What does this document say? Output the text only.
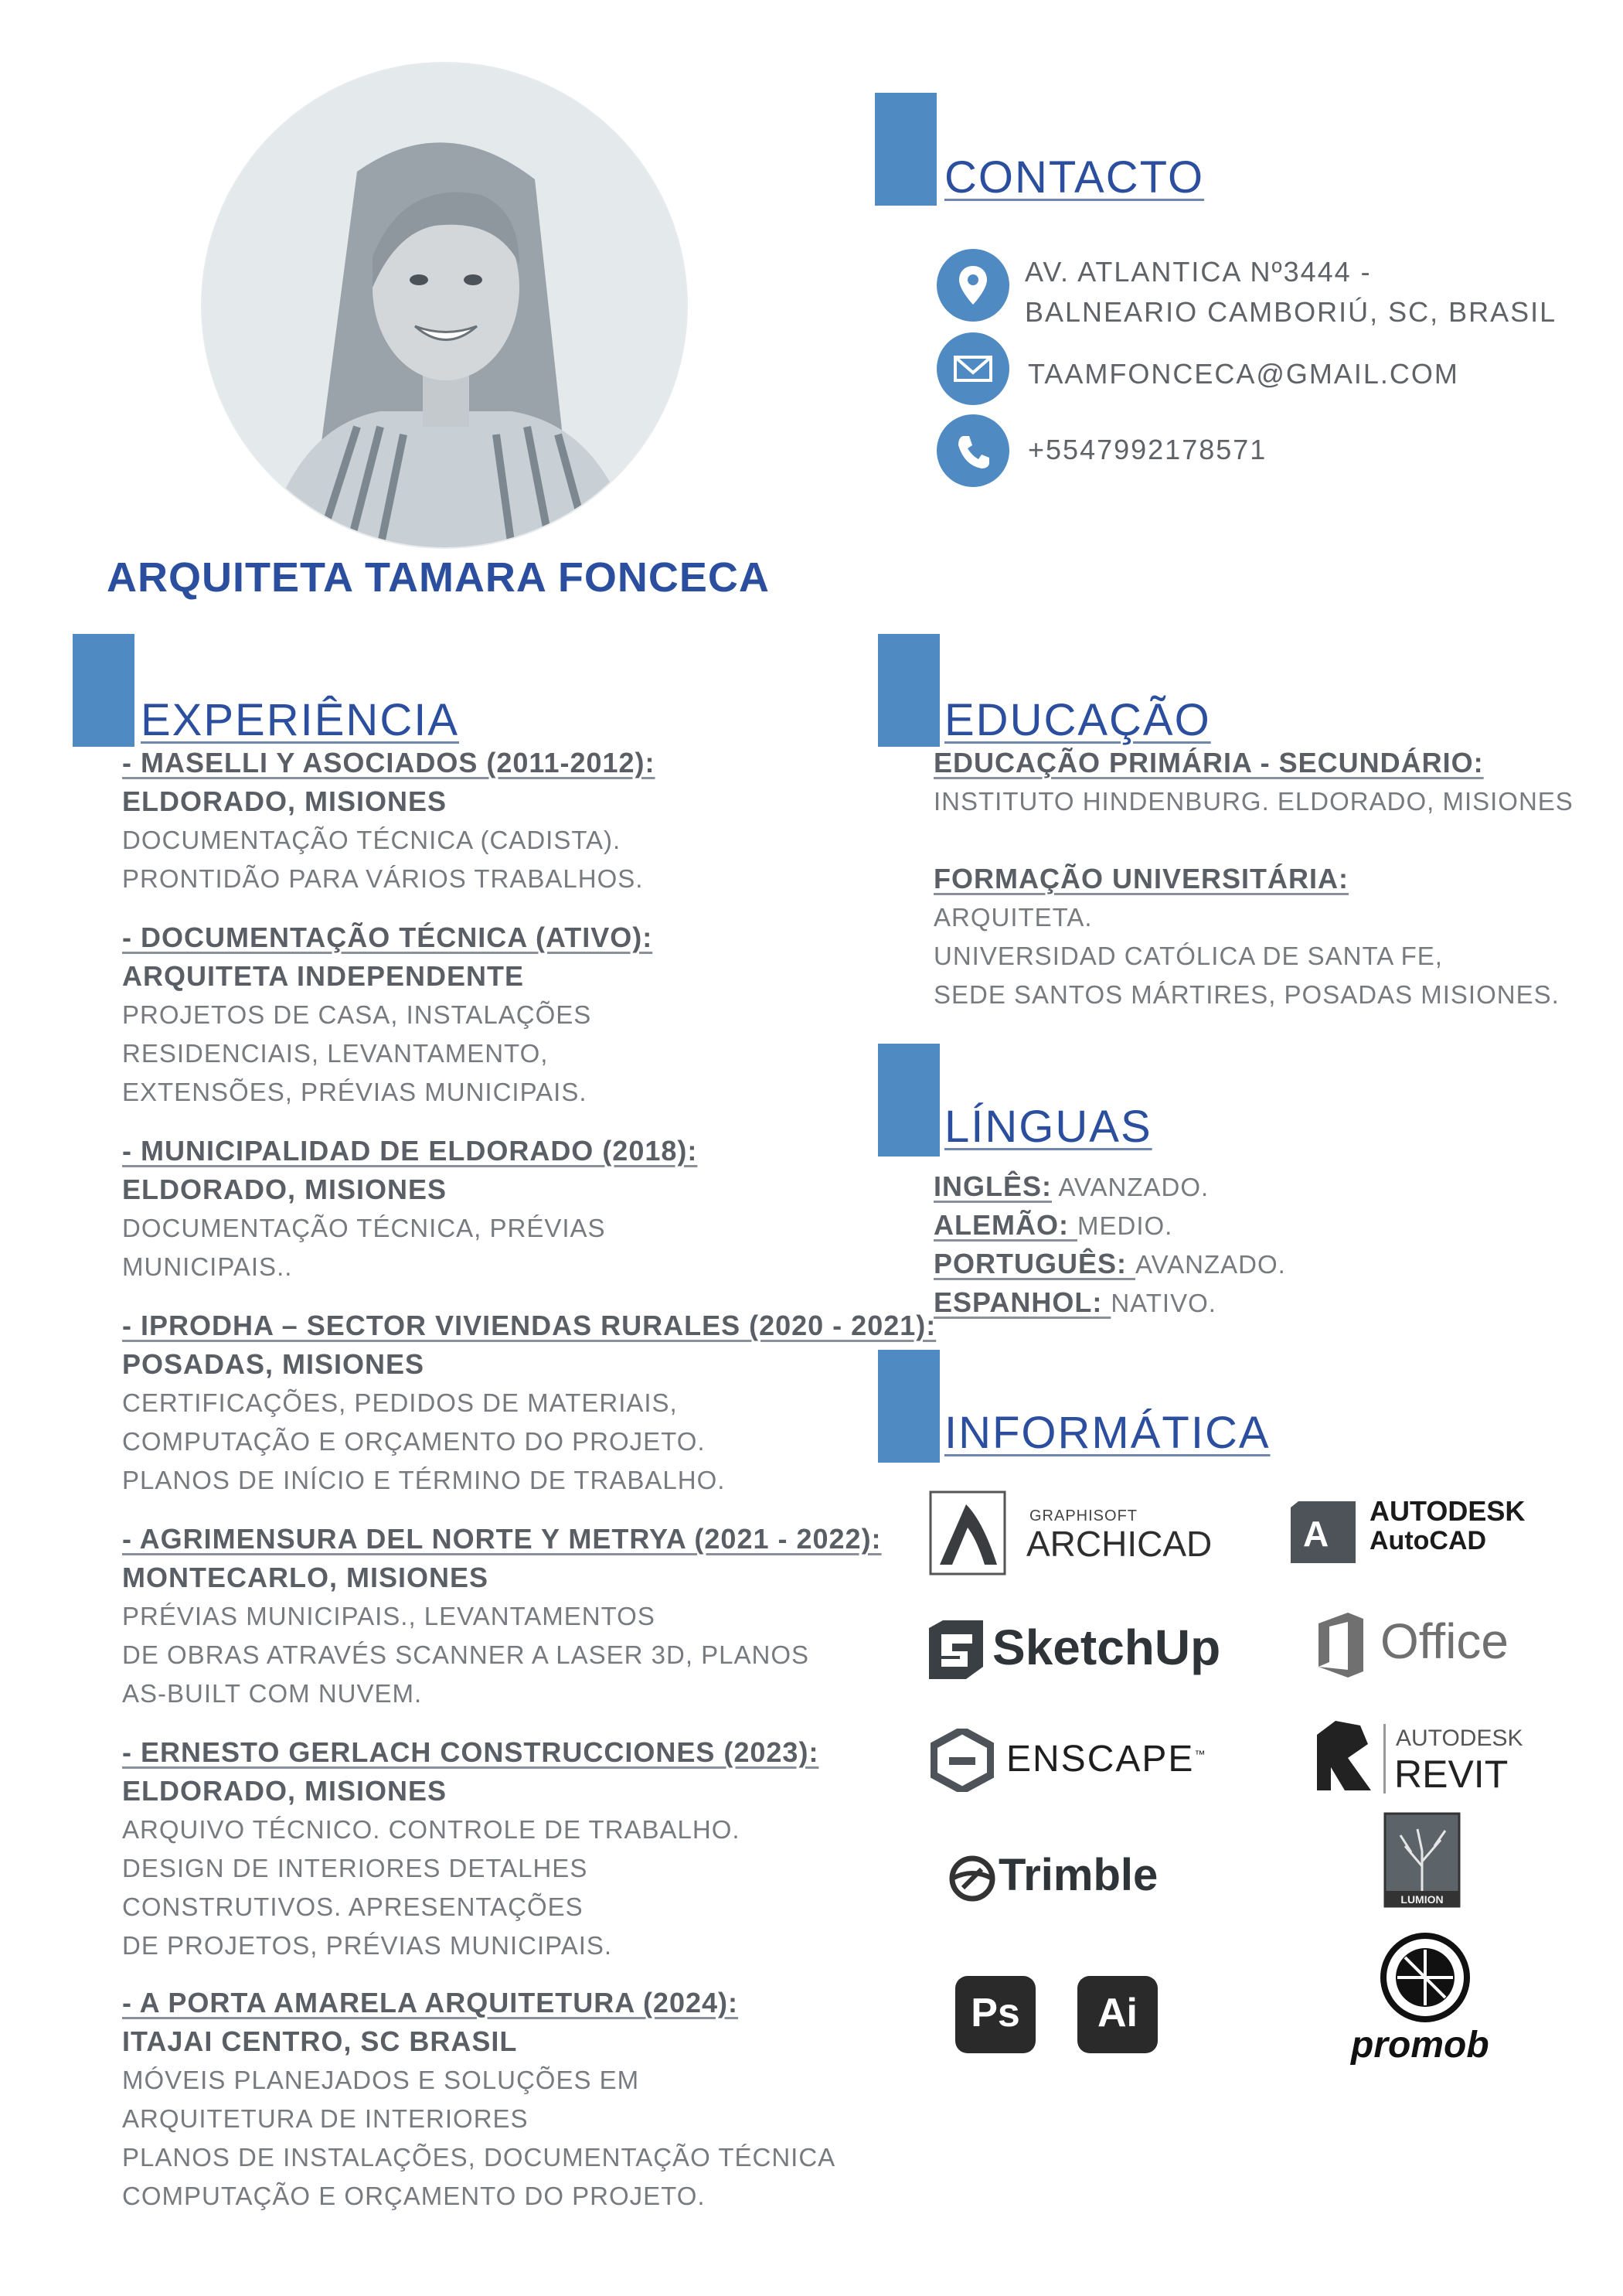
ARQUITETA TAMARA FONCECA
CONTACTO

AV. ATLANTICA Nº3444 -

BALNEARIO CAMBORIÚ, SC, BRASIL

TAAMFONCECA@GMAIL.COM

+5547992178571

EXPERIÊNCIA

- MASELLI Y ASOCIADOS (2011-2012):

ELDORADO, MISIONES

DOCUMENTAÇÃO TÉCNICA (CADISTA).
PRONTIDÃO PARA VÁRIOS TRABALHOS.

- DOCUMENTAÇÃO TÉCNICA (ATIVO):

ARQUITETA INDEPENDENTE

PROJETOS DE CASA, INSTALAÇÕES
RESIDENCIAIS, LEVANTAMENTO,
EXTENSÕES, PRÉVIAS MUNICIPAIS.

- MUNICIPALIDAD DE ELDORADO (2018):

ELDORADO, MISIONES

DOCUMENTAÇÃO TÉCNICA, PRÉVIAS
MUNICIPAIS..

- IPRODHA – SECTOR VIVIENDAS RURALES (2020 - 2021):

POSADAS, MISIONES

CERTIFICAÇÕES, PEDIDOS DE MATERIAIS,
COMPUTAÇÃO E ORÇAMENTO DO PROJETO.
PLANOS DE INÍCIO E TÉRMINO DE TRABALHO.

- AGRIMENSURA DEL NORTE Y METRYA (2021 - 2022):

MONTECARLO, MISIONES

PRÉVIAS MUNICIPAIS., LEVANTAMENTOS
DE OBRAS ATRAVÉS SCANNER A LASER 3D, PLANOS
AS-BUILT COM NUVEM.

- ERNESTO GERLACH CONSTRUCCIONES (2023):

ELDORADO, MISIONES

ARQUIVO TÉCNICO. CONTROLE DE TRABALHO.
DESIGN DE INTERIORES DETALHES
CONSTRUTIVOS. APRESENTAÇÕES
DE PROJETOS, PRÉVIAS MUNICIPAIS.

- A PORTA AMARELA ARQUITETURA (2024):

ITAJAI CENTRO, SC BRASIL

MÓVEIS PLANEJADOS E SOLUÇÕES EM
ARQUITETURA DE INTERIORES
PLANOS DE INSTALAÇÕES, DOCUMENTAÇÃO TÉCNICA
COMPUTAÇÃO E ORÇAMENTO DO PROJETO.

EDUCAÇÃO

EDUCAÇÃO PRIMÁRIA - SECUNDÁRIO:

INSTITUTO HINDENBURG. ELDORADO, MISIONES

FORMAÇÃO UNIVERSITÁRIA:

ARQUITETA.
UNIVERSIDAD CATÓLICA DE SANTA FE,
SEDE SANTOS MÁRTIRES, POSADAS MISIONES.

LÍNGUAS

INGLÊS: AVANZADO.

ALEMÃO: MEDIO.

PORTUGUÊS: AVANZADO.

ESPANHOL: NATIVO.

INFORMÁTICA

GRAPHISOFT

ARCHICAD	A

AUTODESK

AutoCAD

SketchUp	Office

ENSCAPE™

AUTODESK

REVIT

Trimble	LUMION

Ps	Ai

promob
